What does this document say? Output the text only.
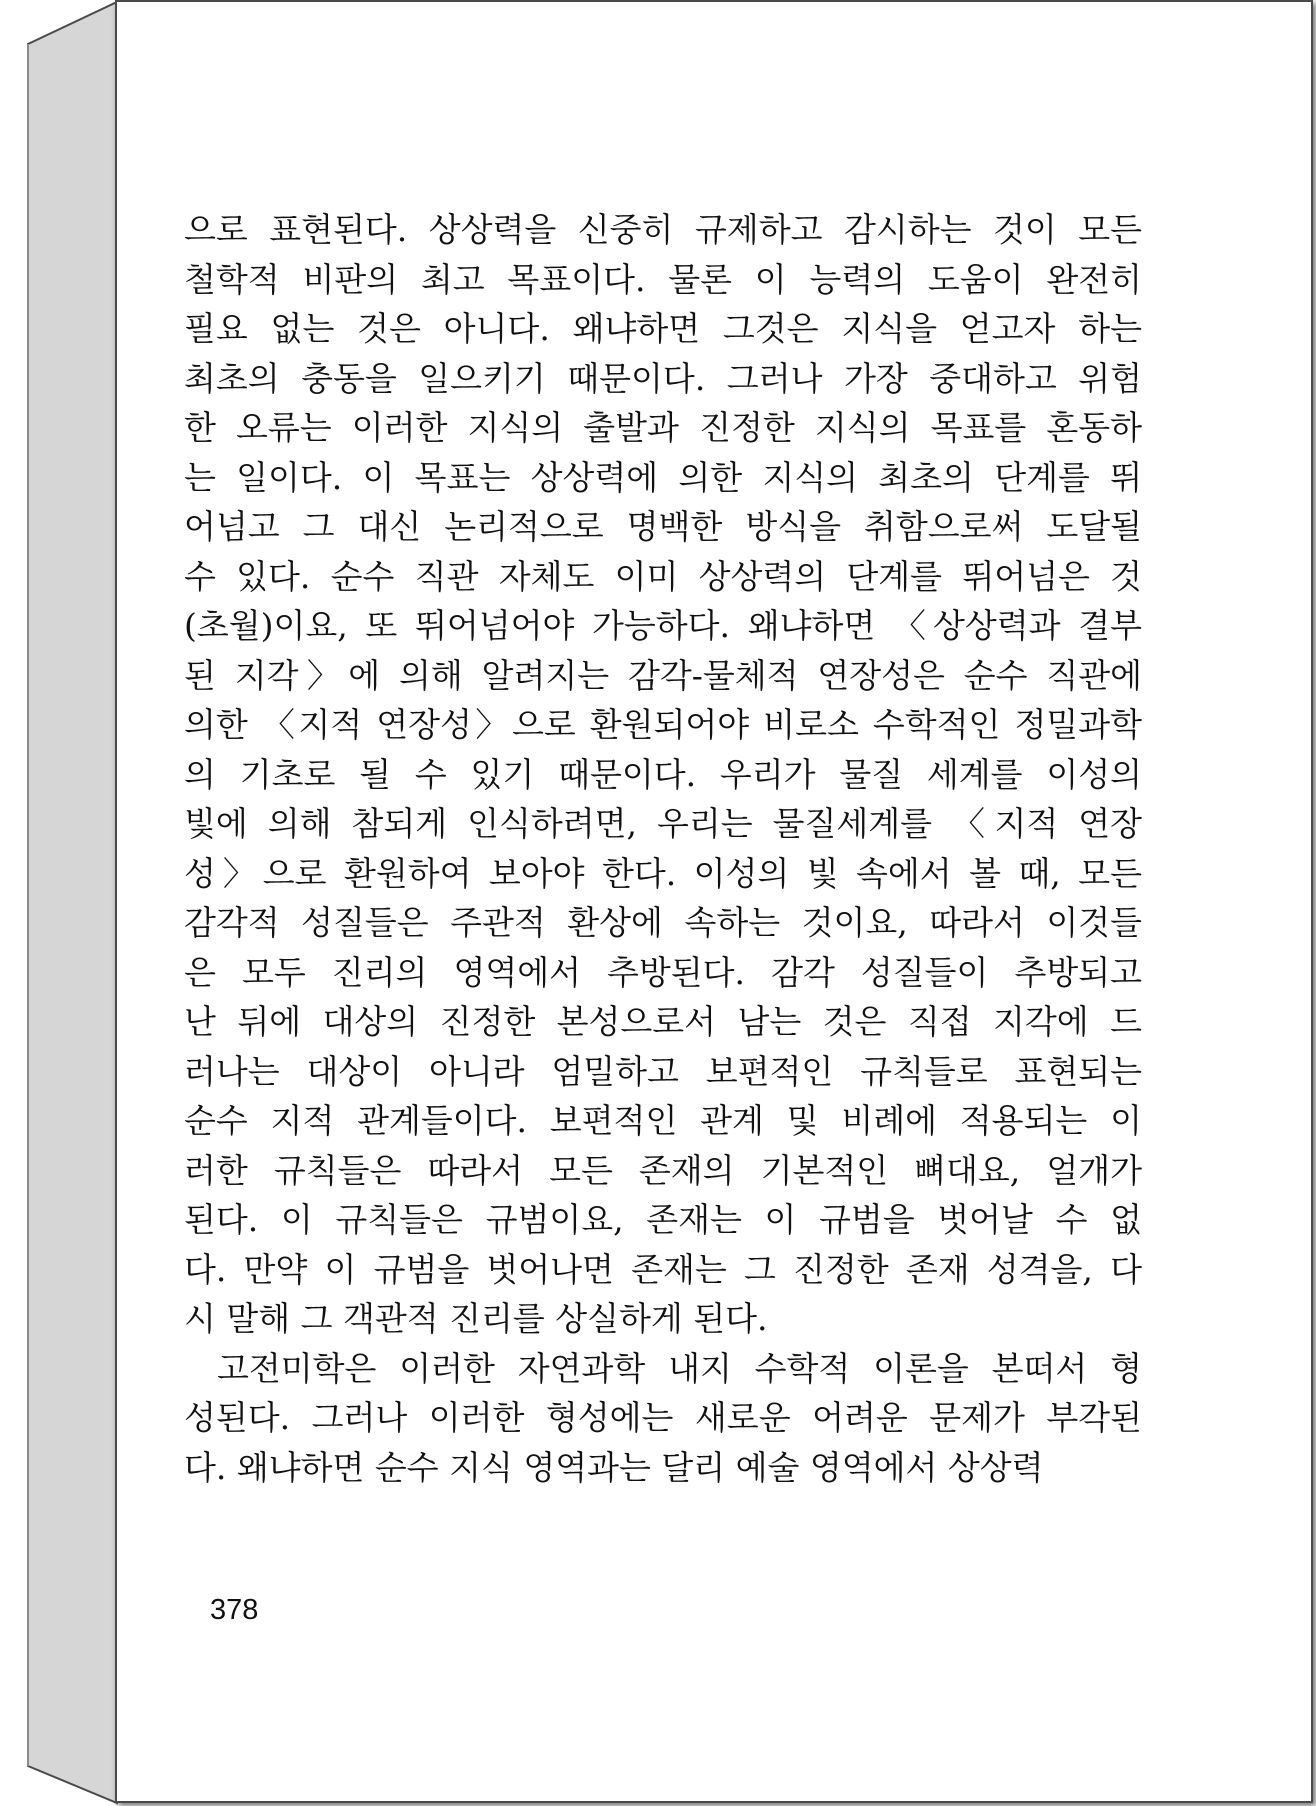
으로 표현된다. 상상력을 신중히 규제하고 감시하는 것이 모든
철학적 비판의 최고 목표이다. 물론 이 능력의 도움이 완전히
필요 없는 것은 아니다. 왜냐하면 그것은 지식을 얻고자 하는
최초의 충동을 일으키기 때문이다. 그러나 가장 중대하고 위험
한 오류는 이러한 지식의 출발과 진정한 지식의 목표를 혼동하
는 일이다. 이 목표는 상상력에 의한 지식의 최초의 단계를 뛰
어넘고 그 대신 논리적으로 명백한 방식을 취함으로써 도달될
수 있다. 순수 직관 자체도 이미 상상력의 단계를 뛰어넘은 것
(초월)이요, 또 뛰어넘어야 가능하다. 왜냐하면 〈상상력과 결부
된 지각〉에 의해 알려지는 감각-물체적 연장성은 순수 직관에
의한 〈지적 연장성〉으로 환원되어야 비로소 수학적인 정밀과학
의 기초로 될 수 있기 때문이다. 우리가 물질 세계를 이성의
빛에 의해 참되게 인식하려면, 우리는 물질세계를 〈지적 연장
성〉으로 환원하여 보아야 한다. 이성의 빛 속에서 볼 때, 모든
감각적 성질들은 주관적 환상에 속하는 것이요, 따라서 이것들
은 모두 진리의 영역에서 추방된다. 감각 성질들이 추방되고
난 뒤에 대상의 진정한 본성으로서 남는 것은 직접 지각에 드
러나는 대상이 아니라 엄밀하고 보편적인 규칙들로 표현되는
순수 지적 관계들이다. 보편적인 관계 및 비례에 적용되는 이
러한 규칙들은 따라서 모든 존재의 기본적인 뼈대요, 얼개가
된다. 이 규칙들은 규범이요, 존재는 이 규범을 벗어날 수 없
다. 만약 이 규범을 벗어나면 존재는 그 진정한 존재 성격을, 다
시 말해 그 객관적 진리를 상실하게 된다.
고전미학은 이러한 자연과학 내지 수학적 이론을 본떠서 형
성된다. 그러나 이러한 형성에는 새로운 어려운 문제가 부각된
다. 왜냐하면 순수 지식 영역과는 달리 예술 영역에서 상상력
378
